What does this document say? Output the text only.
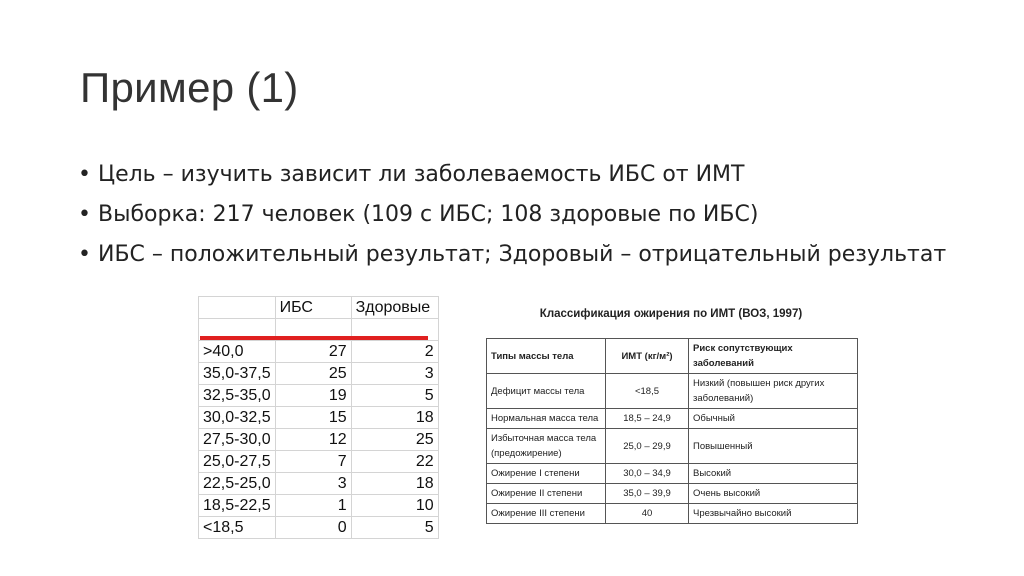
Пример (1)
• Цель – изучить зависит ли заболеваемость ИБС от ИМТ
• Выборка: 217 человек (109 с ИБС; 108 здоровые по ИБС)
• ИБС – положительный результат; Здоровый – отрицательный результат
	ИБС	Здоровые

>40,0	27	2
35,0-37,5	25	3
32,5-35,0	19	5
30,0-32,5	15	18
27,5-30,0	12	25
25,0-27,5	7	22
22,5-25,0	3	18
18,5-22,5	1	10
<18,5	0	5
Классификация ожирения по ИМТ (ВОЗ, 1997)
Типы массы тела	ИМТ (кг/м²)	Риск сопутствующих заболеваний
Дефицит массы тела	<18,5	Низкий (повышен риск других заболеваний)
Нормальная масса тела	18,5 – 24,9	Обычный
Избыточная масса тела (предожирение)	25,0 – 29,9	Повышенный
Ожирение I степени	30,0 – 34,9	Высокий
Ожирение II степени	35,0 – 39,9	Очень высокий
Ожирение III степени	40	Чрезвычайно высокий
